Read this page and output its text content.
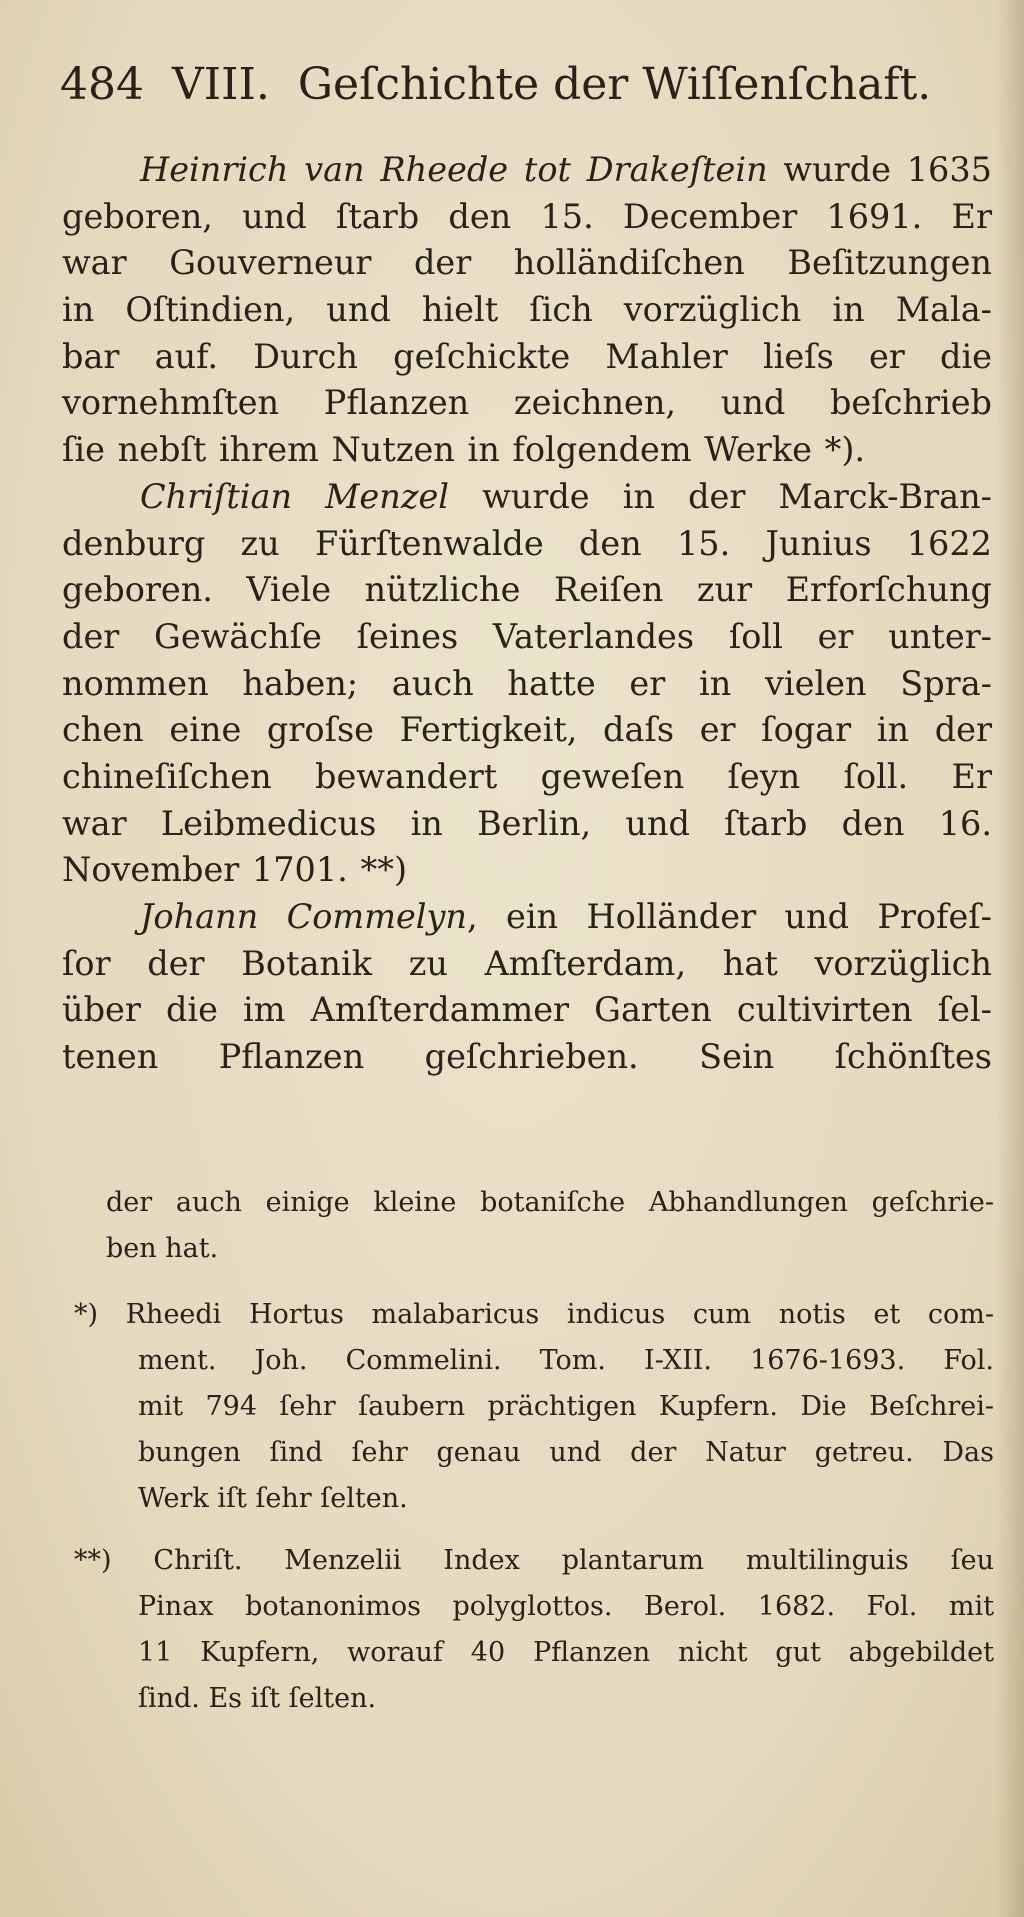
484 VIII. Geſchichte der Wiſſenſchaft.
Heinrich van Rheede tot Drakeſtein wurde 1635
geboren, und ſtarb den 15. December 1691. Er
war Gouverneur der holländiſchen Beſitzungen
in Oſtindien, und hielt ſich vorzüglich in Mala-
bar auf. Durch geſchickte Mahler lieſs er die
vornehmſten Pflanzen zeichnen, und beſchrieb
ſie nebſt ihrem Nutzen in folgendem Werke *).
Chriſtian Menzel wurde in der Marck-Bran-
denburg zu Fürſtenwalde den 15. Junius 1622
geboren. Viele nützliche Reiſen zur Erforſchung
der Gewächſe ſeines Vaterlandes ſoll er unter-
nommen haben; auch hatte er in vielen Spra-
chen eine groſse Fertigkeit, daſs er ſogar in der
chineſiſchen bewandert geweſen ſeyn ſoll. Er
war Leibmedicus in Berlin, und ſtarb den 16.
November 1701. **)
Johann Commelyn, ein Holländer und Profeſ-
ſor der Botanik zu Amſterdam, hat vorzüglich
über die im Amſterdammer Garten cultivirten ſel-
tenen Pflanzen geſchrieben. Sein ſchönſtes
der auch einige kleine botaniſche Abhandlungen geſchrie-
ben hat.
*) Rheedi Hortus malabaricus indicus cum notis et com-
ment. Joh. Commelini. Tom. I-XII. 1676-1693. Fol.
mit 794 ſehr ſaubern prächtigen Kupfern. Die Beſchrei-
bungen ſind ſehr genau und der Natur getreu. Das
Werk iſt ſehr ſelten.
**) Chriſt. Menzelii Index plantarum multilinguis ſeu
Pinax botanonimos polyglottos. Berol. 1682. Fol. mit
11 Kupfern, worauf 40 Pflanzen nicht gut abgebildet
ſind. Es iſt ſelten.
